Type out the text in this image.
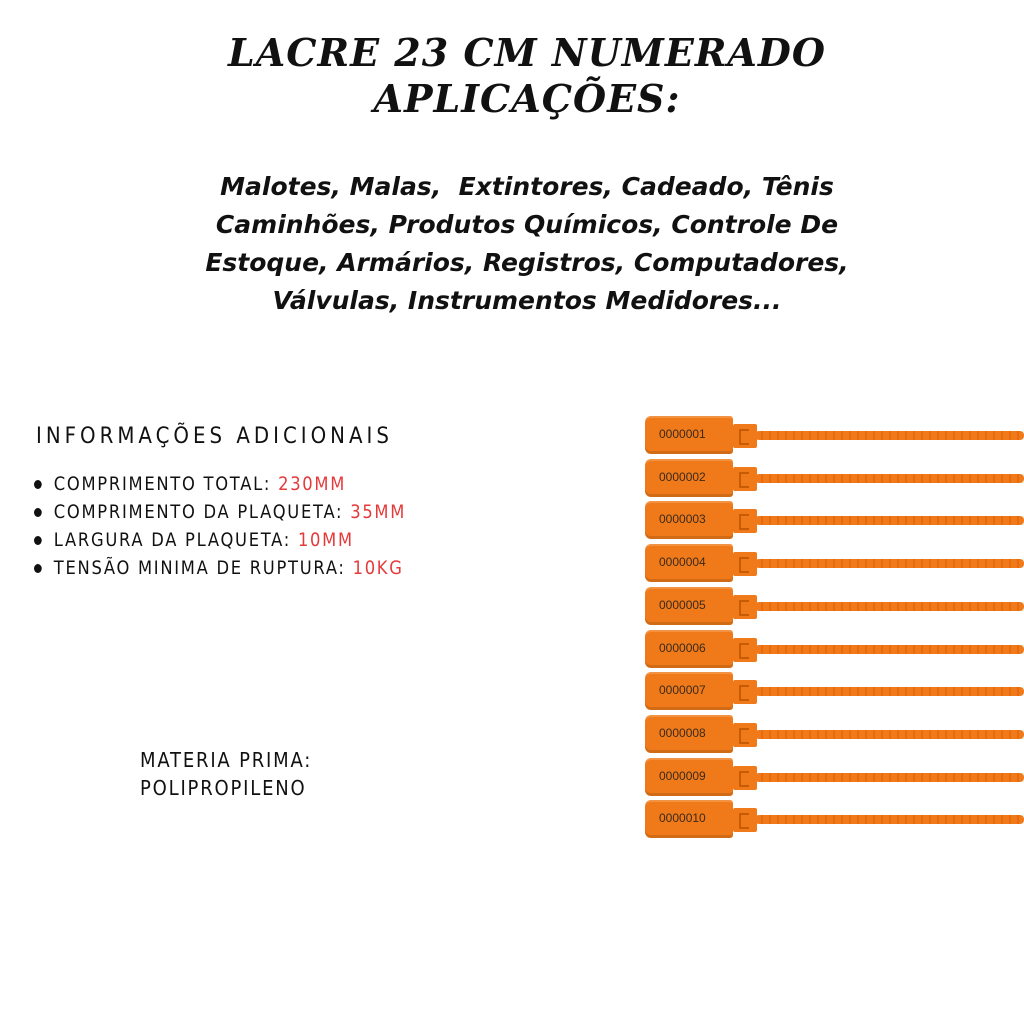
LACRE 23 CM NUMERADO
APLICAÇÕES:
Malotes, Malas,  Extintores, Cadeado, Tênis
Caminhões, Produtos Químicos, Controle De
Estoque, Armários, Registros, Computadores,
Válvulas, Instrumentos Medidores...
INFORMAÇÕES ADICIONAIS
COMPRIMENTO TOTAL: 230MM
COMPRIMENTO DA PLAQUETA: 35MM
LARGURA DA PLAQUETA: 10MM
TENSÃO MINIMA DE RUPTURA: 10KG
MATERIA PRIMA:
POLIPROPILENO
0000001
0000002
0000003
0000004
0000005
0000006
0000007
0000008
0000009
0000010
